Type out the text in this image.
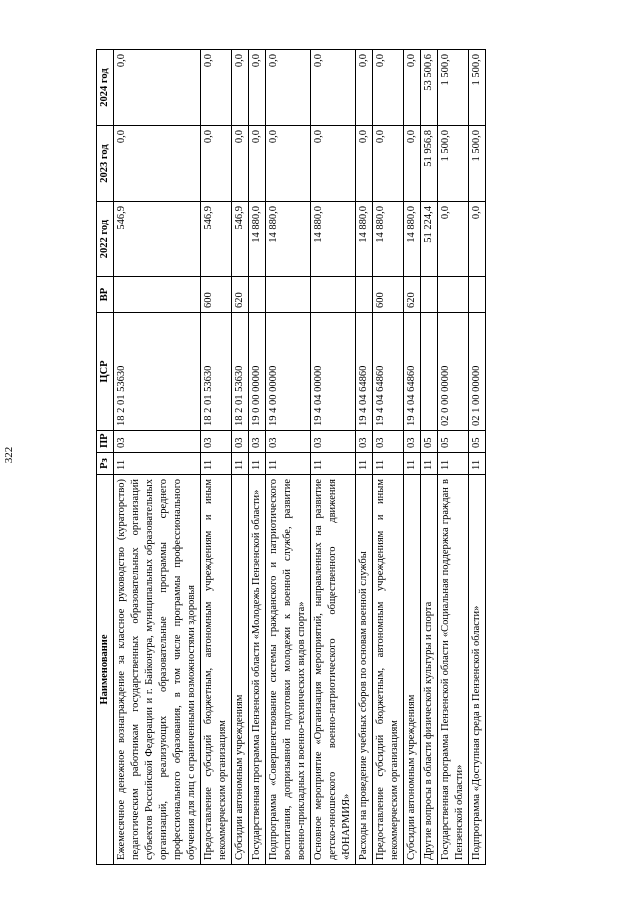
322
Наименование	Рз	ПР	ЦСР	ВР	2022 год	2023 год	2024 год
Ежемесячное денежное вознаграждение за классное руководство (кураторство) педагогическим работникам государственных образовательных организаций субъектов Российской Федерации и г. Байконура, муниципальных образовательных организаций, реализующих образовательные программы среднего профессионального образования, в том числе программы профессионального обучения для лиц с ограниченными возможностями здоровья	11	03	18 2 01 53630		546,9	0,0	0,0
Предоставление субсидий бюджетным, автономным учреждениям и иным некоммерческим организациям	11	03	18 2 01 53630	600	546,9	0,0	0,0
Субсидии автономным учреждениям	11	03	18 2 01 53630	620	546,9	0,0	0,0
Государственная программа Пензенской области «Молодежь Пензенской области»	11	03	19 0 00 00000		14 880,0	0,0	0,0
Подпрограмма «Совершенствование системы гражданского и патриотического воспитания, допризывной подготовки молодежи к военной службе, развитие военно-прикладных и военно-технических видов спорта»	11	03	19 4 00 00000		14 880,0	0,0	0,0
Основное мероприятие «Организация мероприятий, направленных на развитие детско-юношеского военно-патриотического общественного движения «ЮНАРМИЯ»	11	03	19 4 04 00000		14 880,0	0,0	0,0
Расходы на проведение учебных сборов по основам военной службы	11	03	19 4 04 64860		14 880,0	0,0	0,0
Предоставление субсидий бюджетным, автономным учреждениям и иным некоммерческим организациям	11	03	19 4 04 64860	600	14 880,0	0,0	0,0
Субсидии автономным учреждениям	11	03	19 4 04 64860	620	14 880,0	0,0	0,0
Другие вопросы в области физической культуры и спорта	11	05			51 224,4	51 956,8	53 500,6
Государственная программа Пензенской области «Социальная поддержка граждан в Пензенской области»	11	05	02 0 00 00000		0,0	1 500,0	1 500,0
Подпрограмма «Доступная среда в Пензенской области»	11	05	02 1 00 00000		0,0	1 500,0	1 500,0
